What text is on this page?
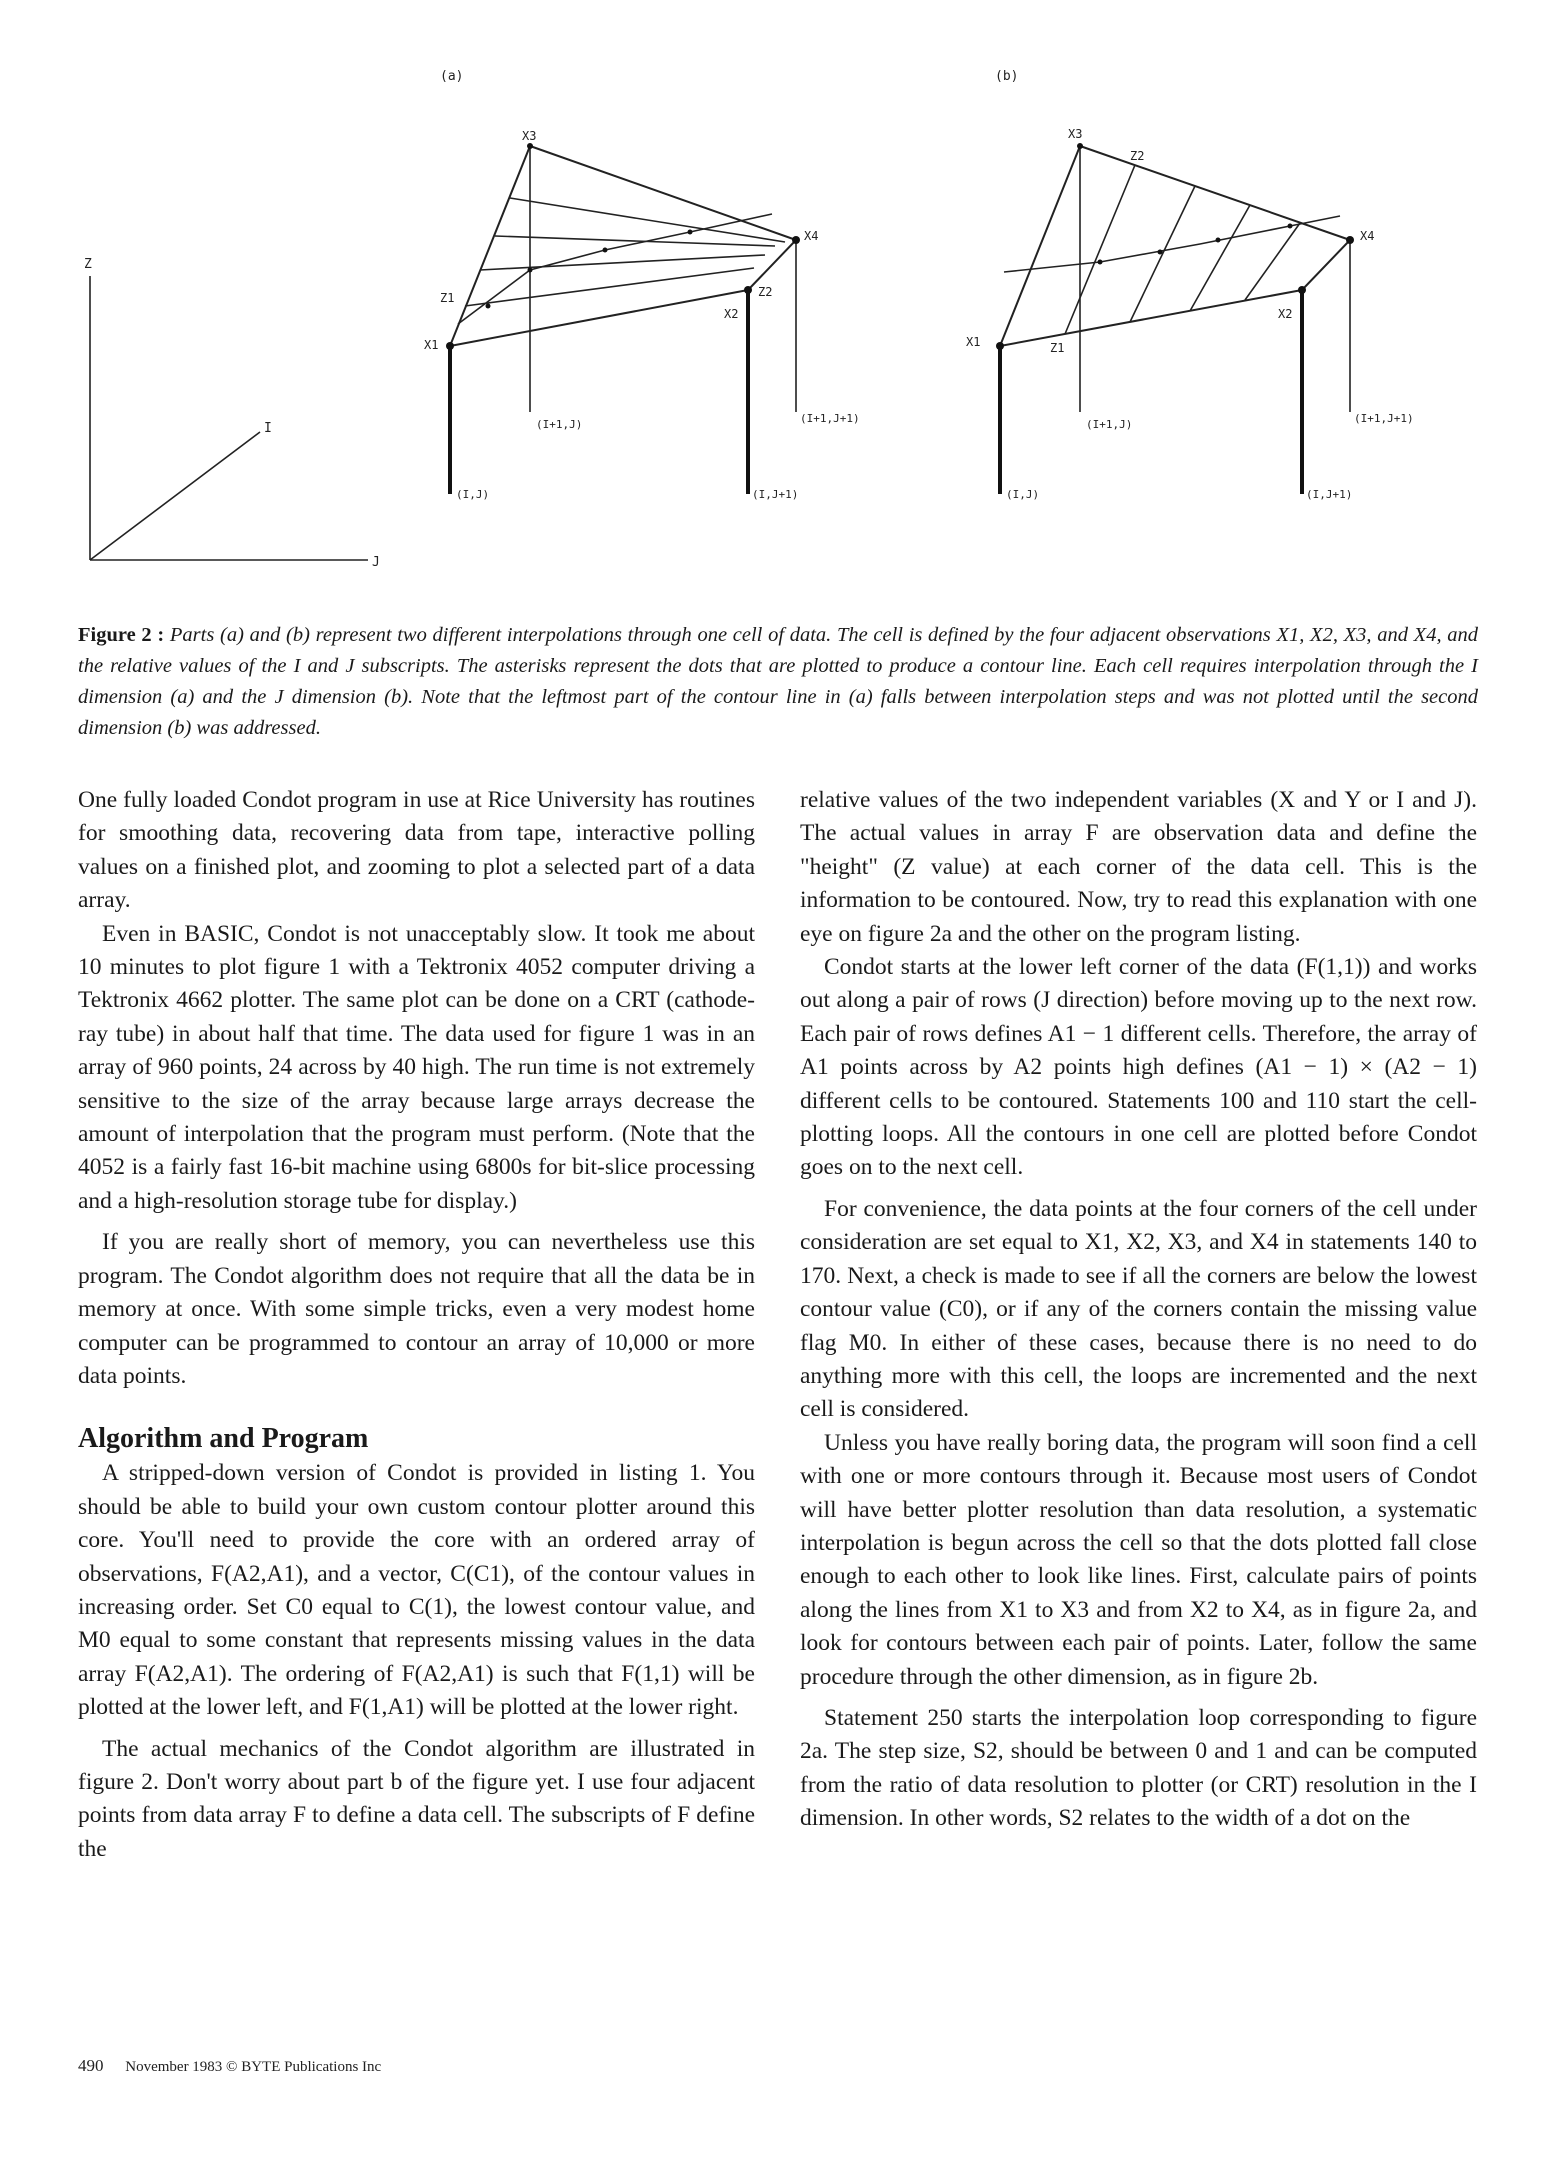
Z
I
J
(a)
X1
X3
X2
X4
Z1	Z2
(I,J)
(I+1,J)
(I,J+1)
(I+1,J+1)
(b)
X1
X3
X2
X4
Z1
Z2
(I,J)
(I+1,J)
(I,J+1)
(I+1,J+1)
Figure 2 : Parts (a) and (b) represent two different interpolations through one cell of data. The cell is defined by the four adjacent observations X1, X2, X3, and X4, and the relative values of the I and J subscripts. The asterisks represent the dots that are plotted to produce a contour line. Each cell requires interpolation through the I dimension (a) and the J dimension (b). Note that the leftmost part of the contour line in (a) falls between interpolation steps and was not plotted until the second dimension (b) was addressed.

One fully loaded Condot program in use at Rice University has routines for smoothing data, recovering data from tape, interactive polling values on a finished plot, and zooming to plot a selected part of a data array.

Even in BASIC, Condot is not unacceptably slow. It took me about 10 minutes to plot figure 1 with a Tektronix 4052 computer driving a Tektronix 4662 plotter. The same plot can be done on a CRT (cathode-ray tube) in about half that time. The data used for figure 1 was in an array of 960 points, 24 across by 40 high. The run time is not extremely sensitive to the size of the array because large arrays decrease the amount of interpolation that the program must perform. (Note that the 4052 is a fairly fast 16-bit machine using 6800s for bit-slice processing and a high-resolution storage tube for display.)

If you are really short of memory, you can nevertheless use this program. The Condot algorithm does not require that all the data be in memory at once. With some simple tricks, even a very modest home computer can be programmed to contour an array of 10,000 or more data points.

Algorithm and Program

A stripped-down version of Condot is provided in listing 1. You should be able to build your own custom contour plotter around this core. You'll need to provide the core with an ordered array of observations, F(A2,A1), and a vector, C(C1), of the contour values in increasing order. Set C0 equal to C(1), the lowest contour value, and M0 equal to some constant that represents missing values in the data array F(A2,A1). The ordering of F(A2,A1) is such that F(1,1) will be plotted at the lower left, and F(1,A1) will be plotted at the lower right.

The actual mechanics of the Condot algorithm are illustrated in figure 2. Don't worry about part b of the figure yet. I use four adjacent points from data array F to define a data cell. The subscripts of F define the

relative values of the two independent variables (X and Y or I and J). The actual values in array F are observation data and define the "height" (Z value) at each corner of the data cell. This is the information to be contoured. Now, try to read this explanation with one eye on figure 2a and the other on the program listing.

Condot starts at the lower left corner of the data (F(1,1)) and works out along a pair of rows (J direction) before moving up to the next row. Each pair of rows defines A1 − 1 different cells. Therefore, the array of A1 points across by A2 points high defines (A1 − 1) × (A2 − 1) different cells to be contoured. Statements 100 and 110 start the cell-plotting loops. All the contours in one cell are plotted before Condot goes on to the next cell.

For convenience, the data points at the four corners of the cell under consideration are set equal to X1, X2, X3, and X4 in statements 140 to 170. Next, a check is made to see if all the corners are below the lowest contour value (C0), or if any of the corners contain the missing value flag M0. In either of these cases, because there is no need to do anything more with this cell, the loops are incremented and the next cell is considered.

Unless you have really boring data, the program will soon find a cell with one or more contours through it. Because most users of Condot will have better plotter resolution than data resolution, a systematic interpolation is begun across the cell so that the dots plotted fall close enough to each other to look like lines. First, calculate pairs of points along the lines from X1 to X3 and from X2 to X4, as in figure 2a, and look for contours between each pair of points. Later, follow the same procedure through the other dimension, as in figure 2b.

Statement 250 starts the interpolation loop corresponding to figure 2a. The step size, S2, should be between 0 and 1 and can be computed from the ratio of data resolution to plotter (or CRT) resolution in the I dimension. In other words, S2 relates to the width of a dot on the

490 November 1983 © BYTE Publications Inc
